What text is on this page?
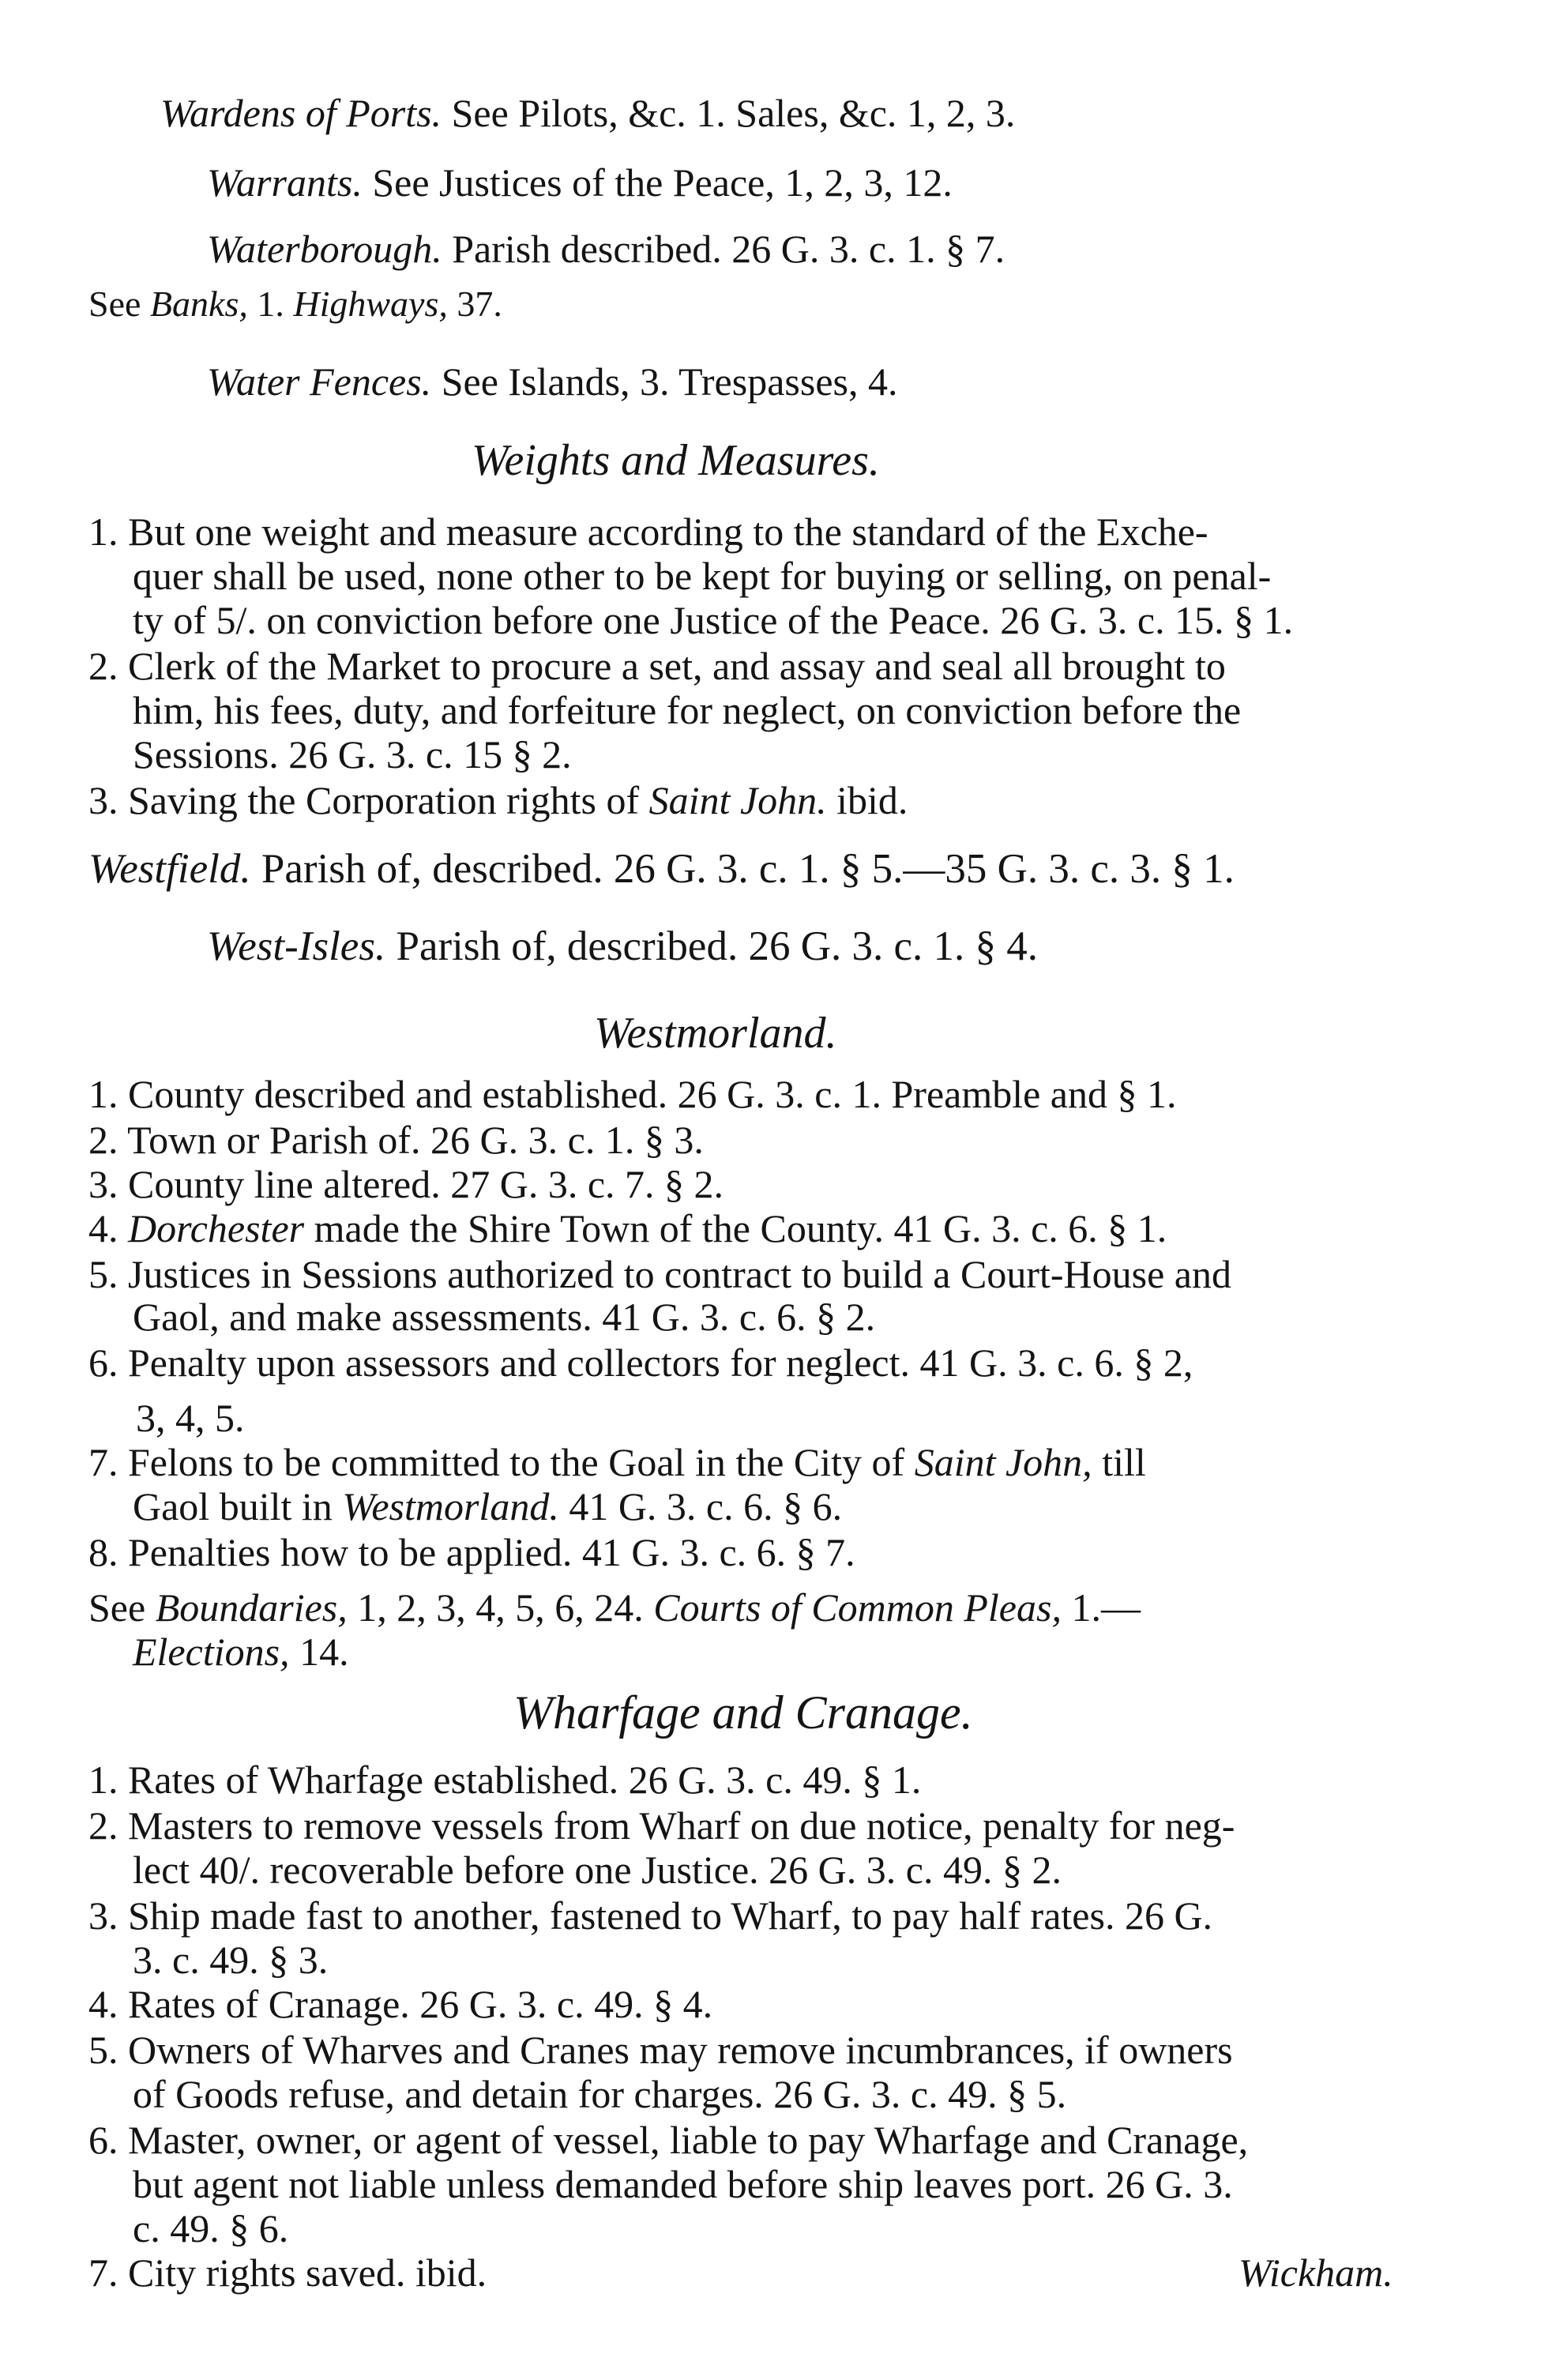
Wardens of Ports. See Pilots, &c. 1. Sales, &c. 1, 2, 3.
Warrants. See Justices of the Peace, 1, 2, 3, 12.
Waterborough. Parish described. 26 G. 3. c. 1. § 7.
See Banks, 1. Highways, 37.
Water Fences. See Islands, 3. Trespasses, 4.
Weights and Measures.
1. But one weight and measure according to the standard of the Exche-
quer shall be used, none other to be kept for buying or selling, on penal-
ty of 5/. on conviction before one Justice of the Peace. 26 G. 3. c. 15. § 1.
2. Clerk of the Market to procure a set, and assay and seal all brought to
him, his fees, duty, and forfeiture for neglect, on conviction before the
Sessions. 26 G. 3. c. 15 § 2.
3. Saving the Corporation rights of Saint John. ibid.
Westfield. Parish of, described. 26 G. 3. c. 1. § 5.—35 G. 3. c. 3. § 1.
West-Isles. Parish of, described. 26 G. 3. c. 1. § 4.
Westmorland.
1. County described and established. 26 G. 3. c. 1. Preamble and § 1.
2. Town or Parish of. 26 G. 3. c. 1. § 3.
3. County line altered. 27 G. 3. c. 7. § 2.
4. Dorchester made the Shire Town of the County. 41 G. 3. c. 6. § 1.
5. Justices in Sessions authorized to contract to build a Court-House and
Gaol, and make assessments. 41 G. 3. c. 6. § 2.
6. Penalty upon assessors and collectors for neglect. 41 G. 3. c. 6. § 2,
3, 4, 5.
7. Felons to be committed to the Goal in the City of Saint John, till
Gaol built in Westmorland. 41 G. 3. c. 6. § 6.
8. Penalties how to be applied. 41 G. 3. c. 6. § 7.
See Boundaries, 1, 2, 3, 4, 5, 6, 24. Courts of Common Pleas, 1.—
Elections, 14.
Wharfage and Cranage.
1. Rates of Wharfage established. 26 G. 3. c. 49. § 1.
2. Masters to remove vessels from Wharf on due notice, penalty for neg-
lect 40/. recoverable before one Justice. 26 G. 3. c. 49. § 2.
3. Ship made fast to another, fastened to Wharf, to pay half rates. 26 G.
3. c. 49. § 3.
4. Rates of Cranage. 26 G. 3. c. 49. § 4.
5. Owners of Wharves and Cranes may remove incumbrances, if owners
of Goods refuse, and detain for charges. 26 G. 3. c. 49. § 5.
6. Master, owner, or agent of vessel, liable to pay Wharfage and Cranage,
but agent not liable unless demanded before ship leaves port. 26 G. 3.
c. 49. § 6.
7. City rights saved. ibid.	Wickham.
